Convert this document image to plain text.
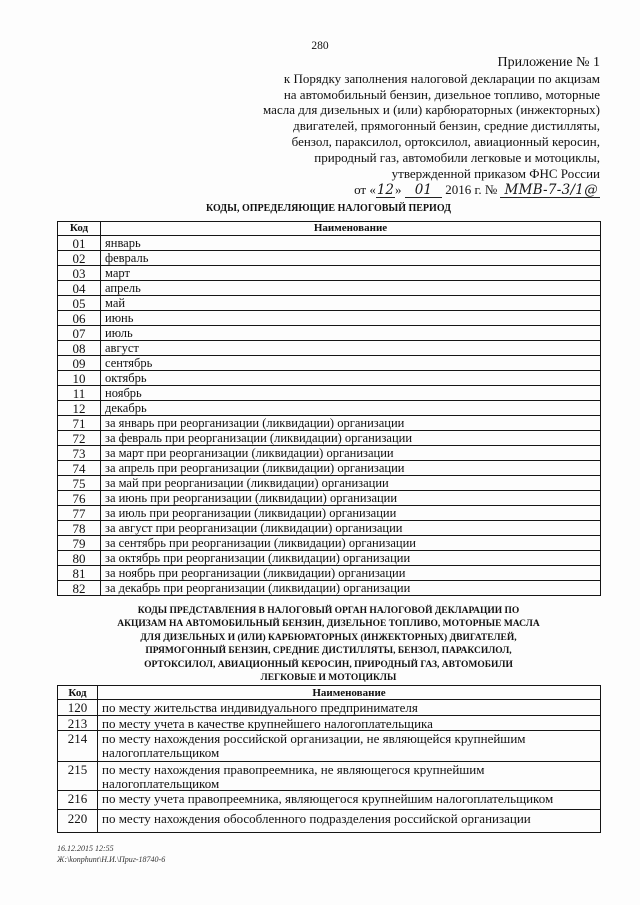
280
Приложение № 1
к Порядку заполнения налоговой декларации по акцизам
на автомобильный бензин, дизельное топливо, моторные
масла для дизельных и (или) карбюраторных (инжекторных)
двигателей, прямогонный бензин, средние дистилляты,
бензол, параксилол, ортоксилол, авиационный керосин,
природный газ, автомобили легковые и мотоциклы,
утвержденной приказом ФНС России
от «12» 01 2016 г. № ММВ-7-3/1@
КОДЫ, ОПРЕДЕЛЯЮЩИЕ НАЛОГОВЫЙ ПЕРИОД
Код	Наименование
01	январь
02	февраль
03	март
04	апрель
05	май
06	июнь
07	июль
08	август
09	сентябрь
10	октябрь
11	ноябрь
12	декабрь
71	за январь при реорганизации (ликвидации) организации
72	за февраль при реорганизации (ликвидации) организации
73	за март при реорганизации (ликвидации) организации
74	за апрель при реорганизации (ликвидации) организации
75	за май при реорганизации (ликвидации) организации
76	за июнь при реорганизации (ликвидации) организации
77	за июль при реорганизации (ликвидации) организации
78	за август при реорганизации (ликвидации) организации
79	за сентябрь при реорганизации (ликвидации) организации
80	за октябрь при реорганизации (ликвидации) организации
81	за ноябрь при реорганизации (ликвидации) организации
82	за декабрь при реорганизации (ликвидации) организации
КОДЫ ПРЕДСТАВЛЕНИЯ В НАЛОГОВЫЙ ОРГАН НАЛОГОВОЙ ДЕКЛАРАЦИИ ПО
АКЦИЗАМ НА АВТОМОБИЛЬНЫЙ БЕНЗИН, ДИЗЕЛЬНОЕ ТОПЛИВО, МОТОРНЫЕ МАСЛА
ДЛЯ ДИЗЕЛЬНЫХ И (ИЛИ) КАРБЮРАТОРНЫХ (ИНЖЕКТОРНЫХ) ДВИГАТЕЛЕЙ,
ПРЯМОГОННЫЙ БЕНЗИН, СРЕДНИЕ ДИСТИЛЛЯТЫ, БЕНЗОЛ, ПАРАКСИЛОЛ,
ОРТОКСИЛОЛ, АВИАЦИОННЫЙ КЕРОСИН, ПРИРОДНЫЙ ГАЗ, АВТОМОБИЛИ
ЛЕГКОВЫЕ И МОТОЦИКЛЫ
Код	Наименование
120	по месту жительства индивидуального предпринимателя

213	по месту учета в качестве крупнейшего налогоплательщика

214	по месту нахождения российской организации, не являющейся крупнейшим
налогоплательщиком

215	по месту нахождения правопреемника, не являющегося крупнейшим
налогоплательщиком

216	по месту учета правопреемника, являющегося крупнейшим налогоплательщиком

220	по месту нахождения обособленного подразделения российской организации
16.12.2015 12:55
Ж:\konphunt\Н.И.\Приг-18740-6
